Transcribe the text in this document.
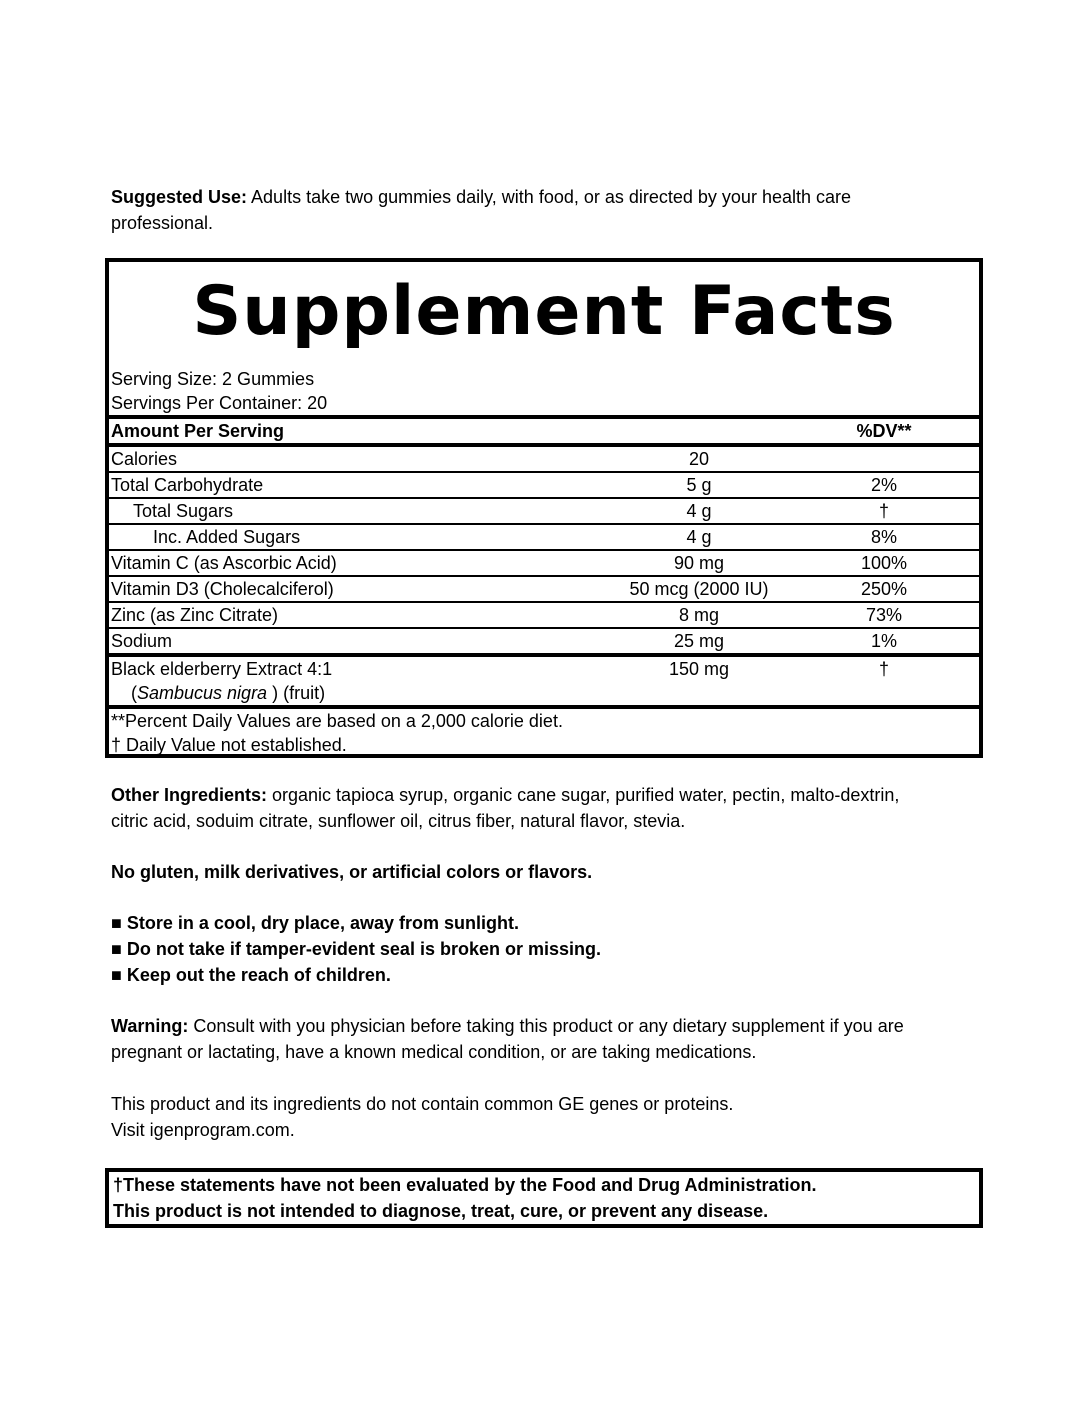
Suggested Use: Adults take two gummies daily, with food, or as directed by your health care professional.
Supplement Facts
Serving Size: 2 Gummies
Servings Per Container: 20
Amount Per Serving	%DV**
Calories	20
Total Carbohydrate	5 g	2%
Total Sugars	4 g	†
Inc. Added Sugars	4 g	8%
Vitamin C (as Ascorbic Acid)	90 mg	100%
Vitamin D3 (Cholecalciferol)	50 mcg (2000 IU)	250%
Zinc (as Zinc Citrate)	8 mg	73%
Sodium	25 mg	1%
Black elderberry Extract 4:1	150 mg	†
(Sambucus nigra ) (fruit)
**Percent Daily Values are based on a 2,000 calorie diet.
† Daily Value not established.
Other Ingredients: organic tapioca syrup, organic cane sugar, purified water, pectin, malto-dextrin, citric acid, soduim citrate, sunflower oil, citrus fiber, natural flavor, stevia.
No gluten, milk derivatives, or artificial colors or flavors.
■ Store in a cool, dry place, away from sunlight.
■ Do not take if tamper-evident seal is broken or missing.
■ Keep out the reach of children.
Warning: Consult with you physician before taking this product or any dietary supplement if you are pregnant or lactating, have a known medical condition, or are taking medications.
This product and its ingredients do not contain common GE genes or proteins.
Visit igenprogram.com.
†These statements have not been evaluated by the Food and Drug Administration.
This product is not intended to diagnose, treat, cure, or prevent any disease.
